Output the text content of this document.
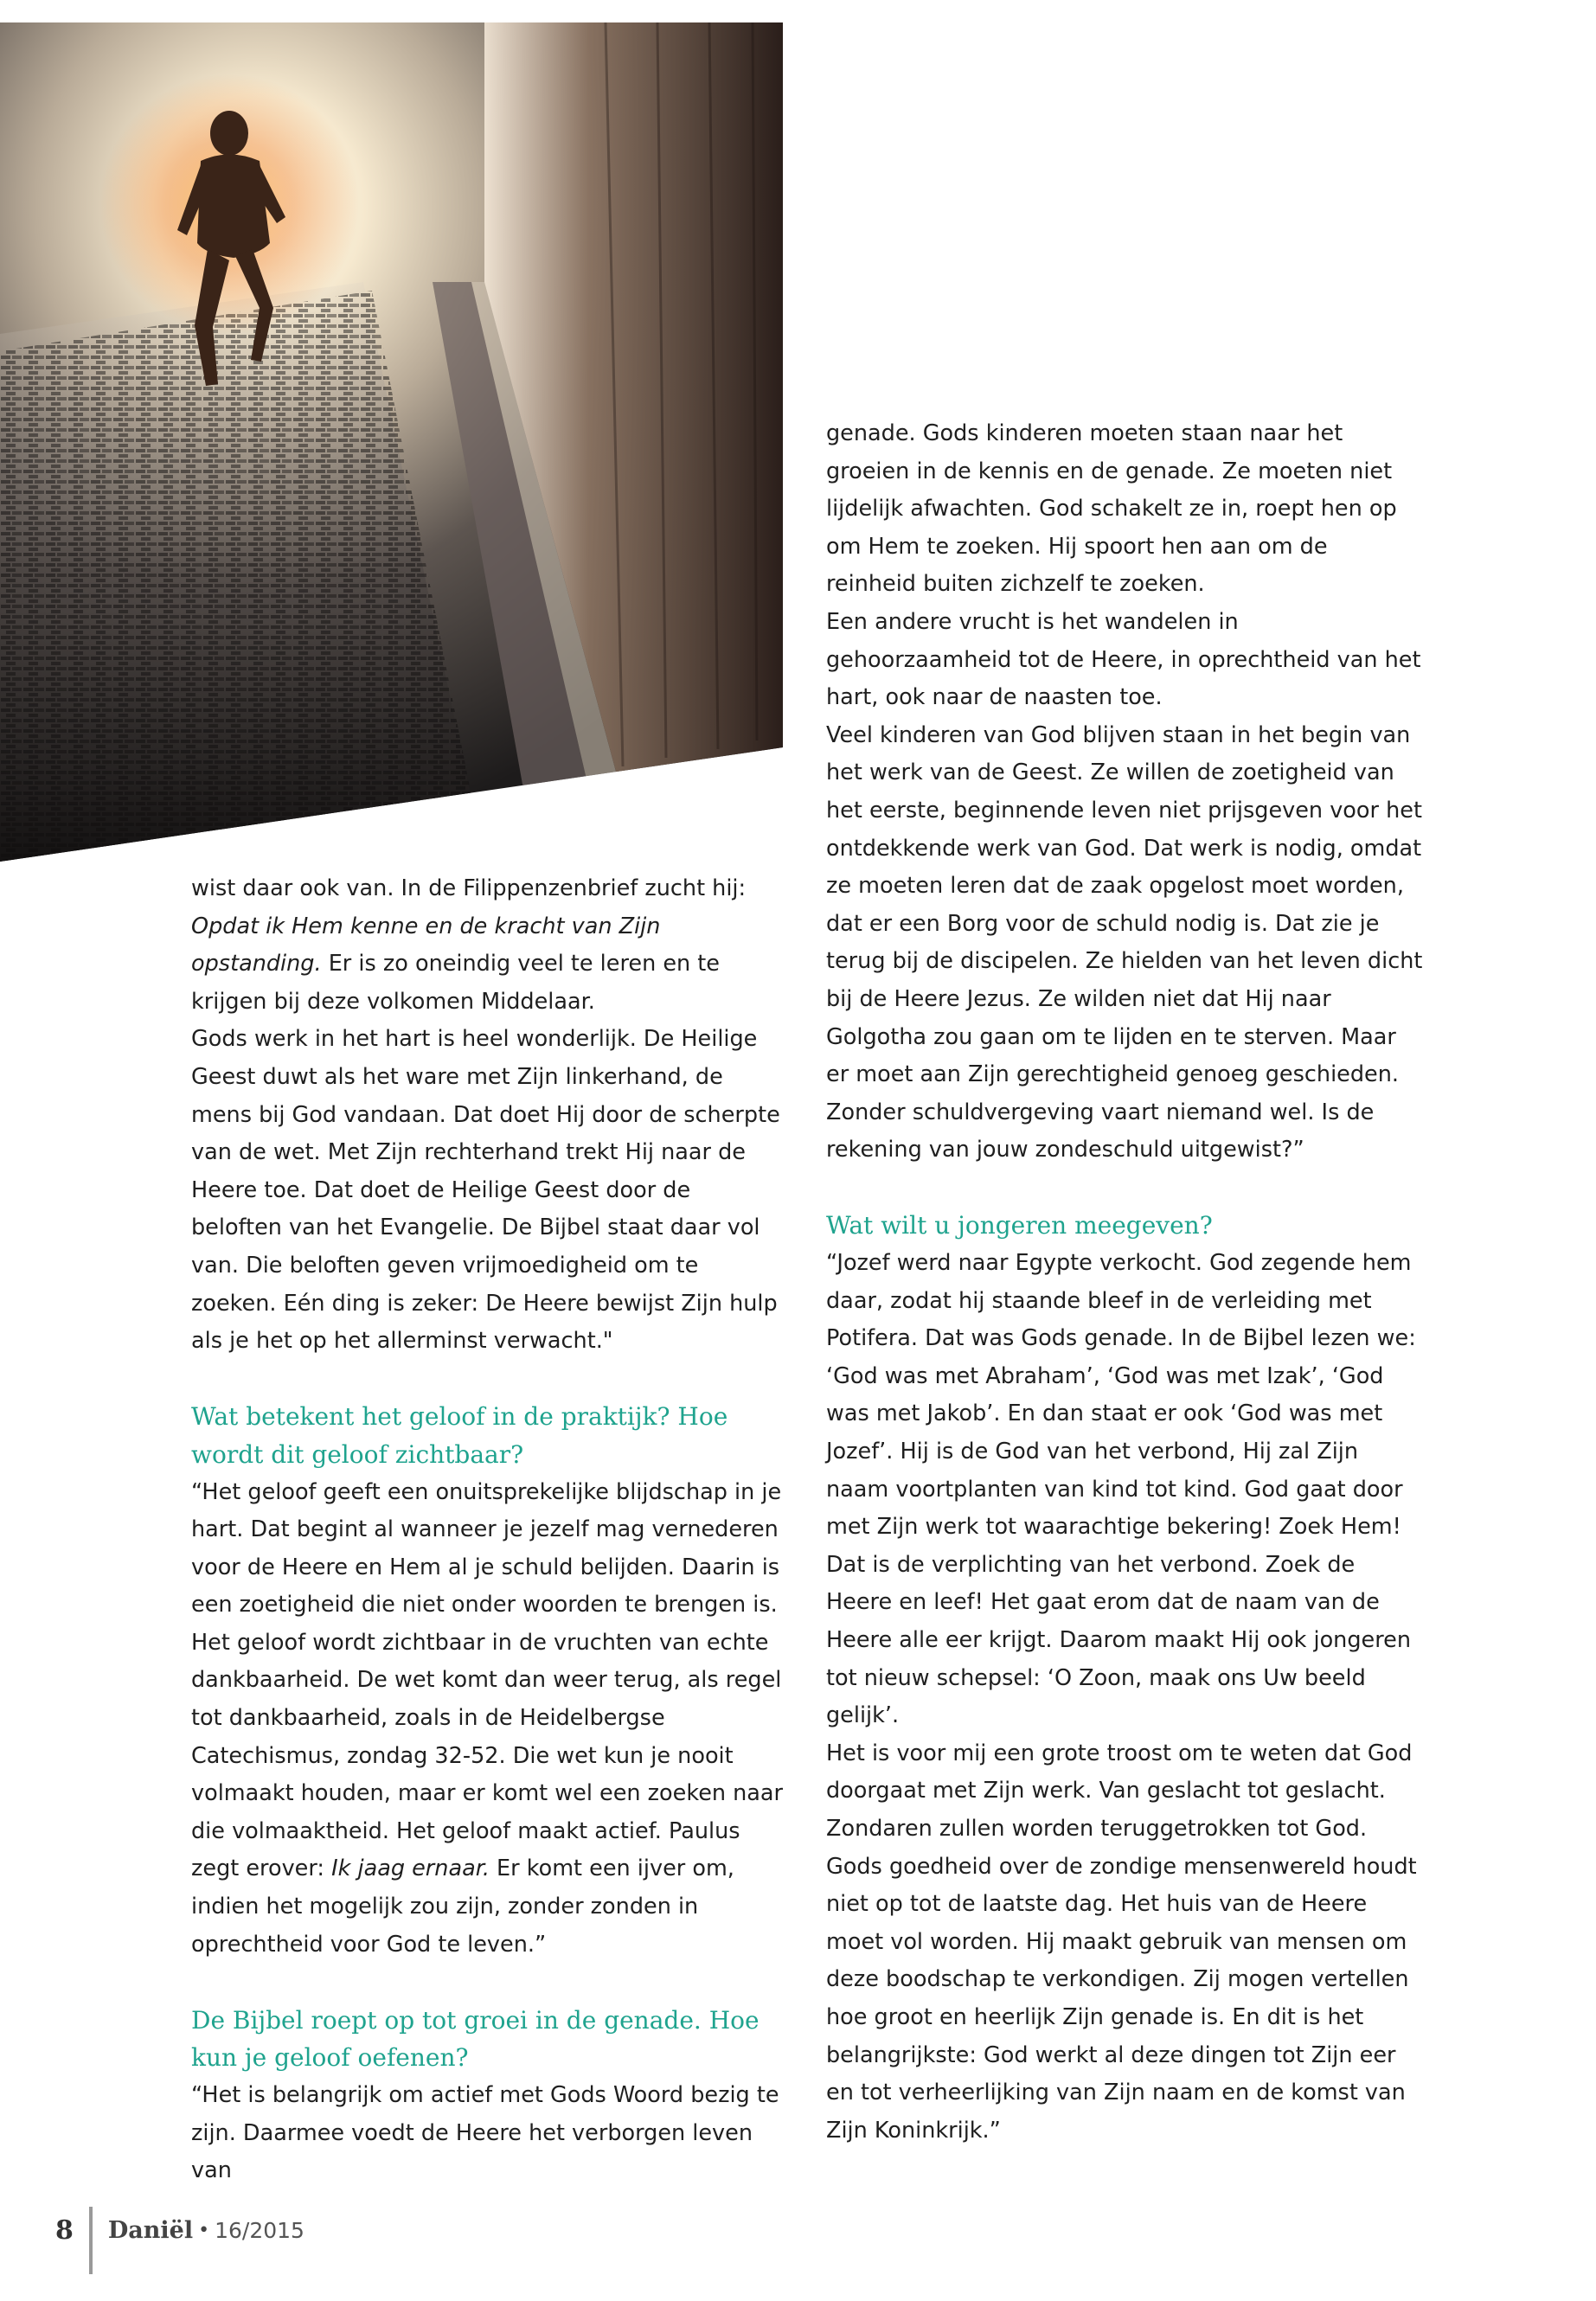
wist daar ook van. In de Filippenzenbrief zucht hij: Opdat ik Hem kenne en de kracht van Zijn opstanding. Er is zo oneindig veel te leren en te krijgen bij deze volkomen Middelaar.

Gods werk in het hart is heel wonderlijk. De Heilige Geest duwt als het ware met Zijn linkerhand, de mens bij God vandaan. Dat doet Hij door de scherpte van de wet. Met Zijn rechterhand trekt Hij naar de Heere toe. Dat doet de Heilige Geest door de beloften van het Evangelie. De Bijbel staat daar vol van. Die beloften geven vrijmoedigheid om te zoeken. Eén ding is zeker: De Heere bewijst Zijn hulp als je het op het allerminst verwacht."

Wat betekent het geloof in de praktijk? Hoe wordt dit geloof zichtbaar?

“Het geloof geeft een onuitsprekelijke blijdschap in je hart. Dat begint al wanneer je jezelf mag vernederen voor de Heere en Hem al je schuld belijden. Daarin is een zoetigheid die niet onder woorden te brengen is. Het geloof wordt zichtbaar in de vruchten van echte dankbaarheid. De wet komt dan weer terug, als regel tot dankbaarheid, zoals in de Heidelbergse Catechismus, zondag 32-52. Die wet kun je nooit volmaakt houden, maar er komt wel een zoeken naar die volmaaktheid. Het geloof maakt actief. Paulus zegt erover: Ik jaag ernaar. Er komt een ijver om, indien het mogelijk zou zijn, zonder zonden in oprechtheid voor God te leven.”

De Bijbel roept op tot groei in de genade. Hoe kun je geloof oefenen?

“Het is belangrijk om actief met Gods Woord bezig te zijn. Daarmee voedt de Heere het verborgen leven van

genade. Gods kinderen moeten staan naar het groeien in de kennis en de genade. Ze moeten niet lijdelijk afwachten. God schakelt ze in, roept hen op om Hem te zoeken. Hij spoort hen aan om de reinheid buiten zichzelf te zoeken.

Een andere vrucht is het wandelen in gehoorzaamheid tot de Heere, in oprechtheid van het hart, ook naar de naasten toe.

Veel kinderen van God blijven staan in het begin van het werk van de Geest. Ze willen de zoetigheid van het eerste, beginnende leven niet prijsgeven voor het ontdekkende werk van God. Dat werk is nodig, omdat ze moeten leren dat de zaak opgelost moet worden, dat er een Borg voor de schuld nodig is. Dat zie je terug bij de discipelen. Ze hielden van het leven dicht bij de Heere Jezus. Ze wilden niet dat Hij naar Golgotha zou gaan om te lijden en te sterven. Maar er moet aan Zijn gerechtigheid genoeg geschieden. Zonder schuldvergeving vaart niemand wel. Is de rekening van jouw zondeschuld uitgewist?”

Wat wilt u jongeren meegeven?

“Jozef werd naar Egypte verkocht. God zegende hem daar, zodat hij staande bleef in de verleiding met Potifera. Dat was Gods genade. In de Bijbel lezen we: ‘God was met Abraham’, ‘God was met Izak’, ‘God was met Jakob’. En dan staat er ook ‘God was met Jozef’. Hij is de God van het verbond, Hij zal Zijn naam voortplanten van kind tot kind. God gaat door met Zijn werk tot waarachtige bekering! Zoek Hem! Dat is de verplichting van het verbond. Zoek de Heere en leef! Het gaat erom dat de naam van de Heere alle eer krijgt. Daarom maakt Hij ook jongeren tot nieuw schepsel: ‘O Zoon, maak ons Uw beeld gelijk’.

Het is voor mij een grote troost om te weten dat God doorgaat met Zijn werk. Van geslacht tot geslacht. Zondaren zullen worden teruggetrokken tot God. Gods goedheid over de zondige mensenwereld houdt niet op tot de laatste dag. Het huis van de Heere moet vol worden. Hij maakt gebruik van mensen om deze boodschap te verkondigen. Zij mogen vertellen hoe groot en heerlijk Zijn genade is. En dit is het belangrijkste: God werkt al deze dingen tot Zijn eer en tot verheerlijking van Zijn naam en de komst van Zijn Koninkrijk.”

8 Daniël • 16/2015
